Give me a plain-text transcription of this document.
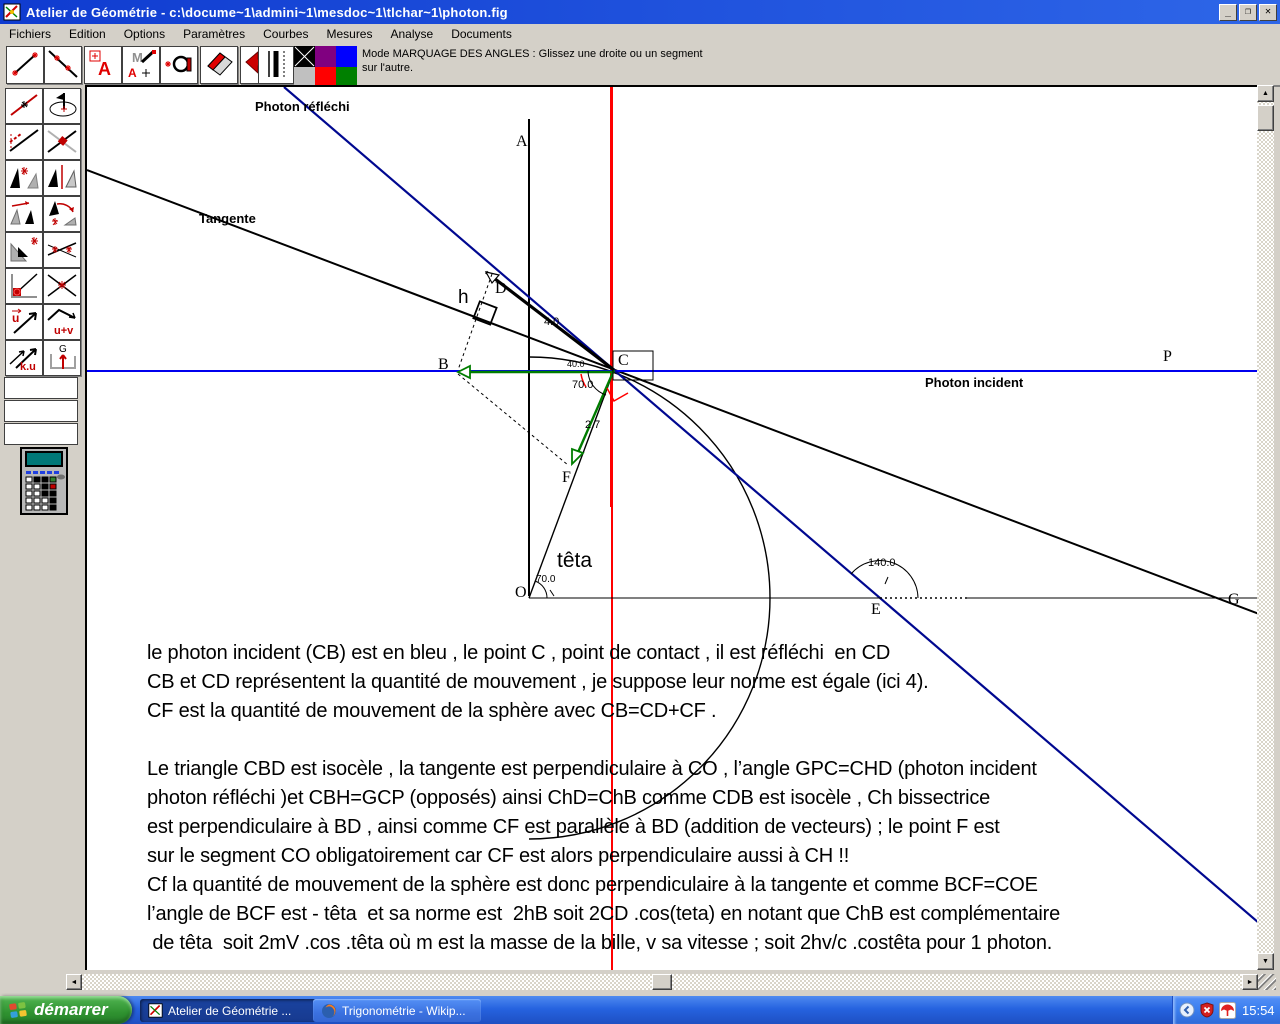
Atelier de Géométrie - c:\docume~1\admini~1\mesdoc~1\tlchar~1\photon.fig	_	❐	✕
Fichiers	Edition	Options	Paramètres	Courbes	Mesures	Analyse	Documents
A
M
A
Mode MARQUAGE DES ANGLES : Glissez une droite ou un segment
sur l'autre.
u
u+v
k.u
G
Photon réfléchi
Tangente
Photon incident
têta
h
A
B	C
D
E
F
G
O
P
4.0
40.0
70.0
2.7
70.0
140.0
le photon incident (CB) est en bleu , le point C , point de contact , il est réfléchi  en CD
CB et CD représentent la quantité de mouvement , je suppose leur norme est égale (ici 4).
CF est la quantité de mouvement de la sphère avec CB=CD+CF .
Le triangle CBD est isocèle , la tangente est perpendiculaire à CO , l’angle GPC=CHD (photon incident
photon réfléchi )et CBH=GCP (opposés) ainsi ChD=ChB comme CDB est isocèle , Ch bissectrice
est perpendiculaire à BD , ainsi comme CF est parallèle à BD (addition de vecteurs) ; le point F est
sur le segment CO obligatoirement car CF est alors perpendiculaire aussi à CH !!
Cf la quantité de mouvement de la sphère est donc perpendiculaire à la tangente et comme BCF=COE
l’angle de BCF est - têta  et sa norme est  2hB soit 2CD .cos(teta) en notant que ChB est complémentaire
de têta  soit 2mV .cos .têta où m est la masse de la bille, v sa vitesse ; soit 2hv/c .costêta pour 1 photon.
▲
▼
◄	►
démarrer	Atelier de Géométrie ...	Trigonométrie - Wikip...	15:54
